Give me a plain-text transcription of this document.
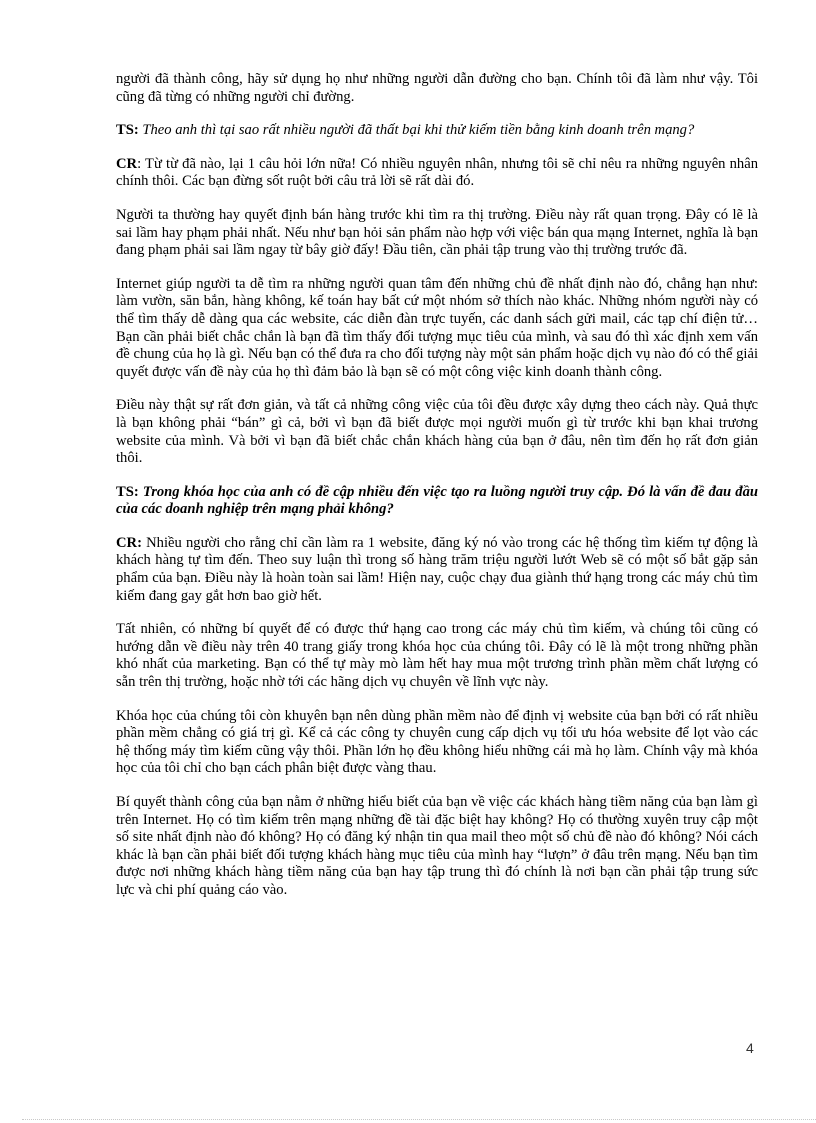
người đã thành công, hãy sử dụng họ như những người dẫn đường cho bạn. Chính tôi đã làm như vậy. Tôi cũng đã từng có những người chỉ đường.

TS: Theo anh thì tại sao rất nhiều người đã thất bại khi thử kiếm tiền bằng kinh doanh trên mạng?

CR: Từ từ đã nào, lại 1 câu hỏi lớn nữa! Có nhiều nguyên nhân, nhưng tôi sẽ chỉ nêu ra những nguyên nhân chính thôi. Các bạn đừng sốt ruột bởi câu trả lời sẽ rất dài đó.

Người ta thường hay quyết định bán hàng trước khi tìm ra thị trường. Điều này rất quan trọng. Đây có lẽ là sai lầm hay phạm phải nhất. Nếu như bạn hỏi sản phẩm nào hợp với việc bán qua mạng Internet, nghĩa là bạn đang phạm phải sai lầm ngay từ bây giờ đấy! Đầu tiên, cần phải tập trung vào thị trường trước đã.

Internet giúp người ta dễ tìm ra những người quan tâm đến những chủ đề nhất định nào đó, chẳng hạn như: làm vườn, săn bắn, hàng không, kế toán hay bất cứ một nhóm sở thích nào khác. Những nhóm người này có thể tìm thấy dễ dàng qua các website, các diễn đàn trực tuyến, các danh sách gửi mail, các tạp chí điện tử… Bạn cần phải biết chắc chắn là bạn đã tìm thấy đối tượng mục tiêu của mình, và sau đó thì xác định xem vấn đề chung của họ là gì. Nếu bạn có thể đưa ra cho đối tượng này một sản phẩm hoặc dịch vụ nào đó có thể giải quyết được vấn đề này của họ thì đảm bảo là bạn sẽ có một công việc kinh doanh thành công.

Điều này thật sự rất đơn giản, và tất cả những công việc của tôi đều được xây dựng theo cách này. Quả thực là bạn không phải “bán” gì cả, bởi vì bạn đã biết được mọi người muốn gì từ trước khi bạn khai trương website của mình. Và bởi vì bạn đã biết chắc chắn khách hàng của bạn ở đâu, nên tìm đến họ rất đơn giản thôi.

TS: Trong khóa học của anh có đề cập nhiều đến việc tạo ra luồng người truy cập. Đó là vấn đề đau đầu của các doanh nghiệp trên mạng phải không?

CR: Nhiều người cho rằng chỉ cần làm ra 1 website, đăng ký nó vào trong các hệ thống tìm kiếm tự động là khách hàng tự tìm đến. Theo suy luận thì trong số hàng trăm triệu người lướt Web sẽ có một số bắt gặp sản phẩm của bạn. Điều này là hoàn toàn sai lầm! Hiện nay, cuộc chạy đua giành thứ hạng trong các máy chủ tìm kiếm đang gay gắt hơn bao giờ hết.

Tất nhiên, có những bí quyết để có được thứ hạng cao trong các máy chủ tìm kiếm, và chúng tôi cũng có hướng dẫn về điều này trên 40 trang giấy trong khóa học của chúng tôi. Đây có lẽ là một trong những phần khó nhất của marketing. Bạn có thể tự mày mò làm hết hay mua một trương trình phần mềm chất lượng có sẵn trên thị trường, hoặc nhờ tới các hãng dịch vụ chuyên về lĩnh vực này.

Khóa học của chúng tôi còn khuyên bạn nên dùng phần mềm nào để định vị website của bạn bởi có rất nhiều phần mềm chẳng có giá trị gì. Kể cả các công ty chuyên cung cấp dịch vụ tối ưu hóa website để lọt vào các hệ thống máy tìm kiếm cũng vậy thôi. Phần lớn họ đều không hiểu những cái mà họ làm. Chính vậy mà khóa học của tôi chỉ cho bạn cách phân biệt được vàng thau.

Bí quyết thành công của bạn nằm ở những hiểu biết của bạn về việc các khách hàng tiềm năng của bạn làm gì trên Internet. Họ có tìm kiếm trên mạng những đề tài đặc biệt hay không? Họ có thường xuyên truy cập một số site nhất định nào đó không? Họ có đăng ký nhận tin qua mail theo một số chủ đề nào đó không? Nói cách khác là bạn cần phải biết đối tượng khách hàng mục tiêu của mình hay “lượn” ở đâu trên mạng. Nếu bạn tìm được nơi những khách hàng tiềm năng của bạn hay tập trung thì đó chính là nơi bạn cần phải tập trung sức lực và chi phí quảng cáo vào.

4
